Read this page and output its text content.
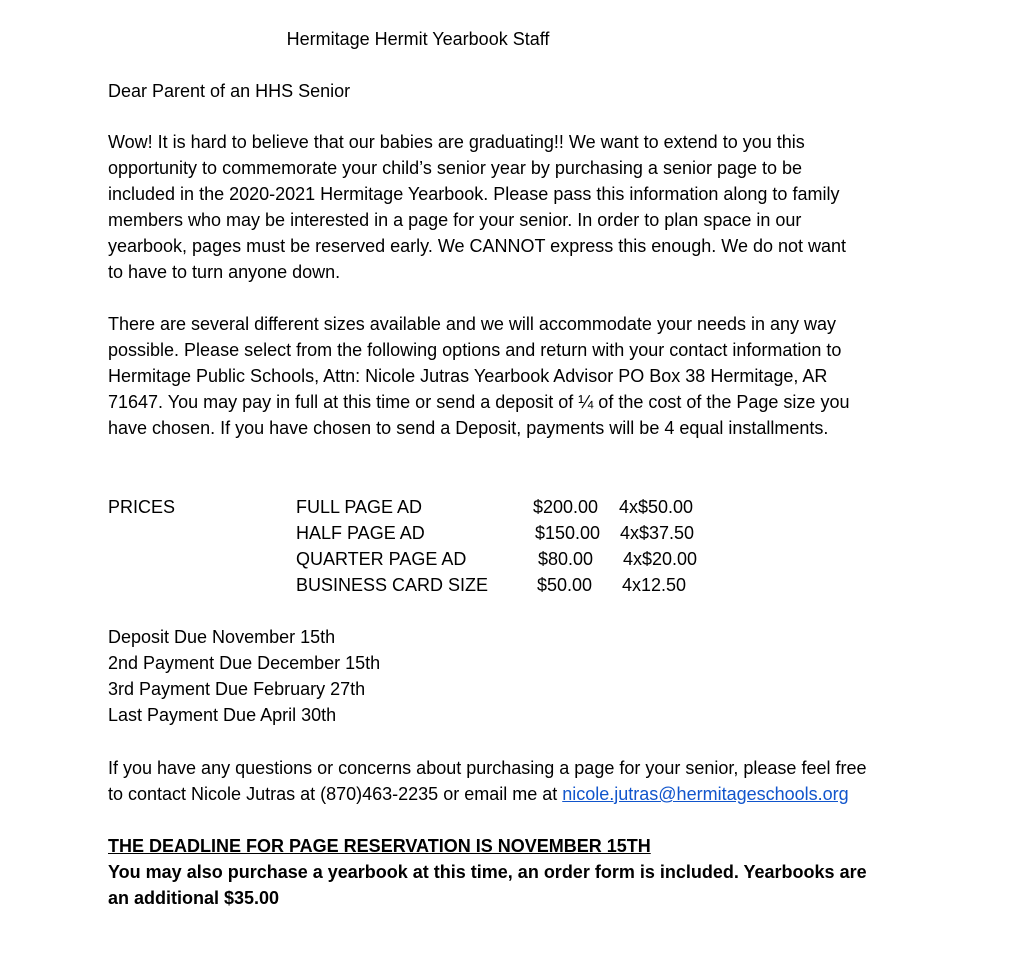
Hermitage Hermit Yearbook Staff
Dear Parent of an HHS Senior

Wow! It is hard to believe that our babies are graduating!! We want to extend to you this
opportunity to commemorate your child’s senior year by purchasing a senior page to be
included in the 2020-2021 Hermitage Yearbook. Please pass this information along to family
members who may be interested in a page for your senior. In order to plan space in our
yearbook, pages must be reserved early. We CANNOT express this enough. We do not want
to have to turn anyone down.

There are several different sizes available and we will accommodate your needs in any way
possible. Please select from the following options and return with your contact information to
Hermitage Public Schools, Attn: Nicole Jutras Yearbook Advisor PO Box 38 Hermitage, AR
71647. You may pay in full at this time or send a deposit of ¼ of the cost of the Page size you
have chosen. If you have chosen to send a Deposit, payments will be 4 equal installments.

PRICES	FULL PAGE AD	$200.00 4x$50.00
HALF PAGE AD	$150.00 4x$37.50
QUARTER PAGE AD	$80.00 4x$20.00
BUSINESS CARD SIZE	$50.00 4x12.50
Deposit Due November 15th
2nd Payment Due December 15th
3rd Payment Due February 27th
Last Payment Due April 30th
If you have any questions or concerns about purchasing a page for your senior, please feel free
to contact Nicole Jutras at (870)463-2235 or email me at nicole.jutras@hermitageschools.org
THE DEADLINE FOR PAGE RESERVATION IS NOVEMBER 15TH
You may also purchase a yearbook at this time, an order form is included. Yearbooks are
an additional $35.00
